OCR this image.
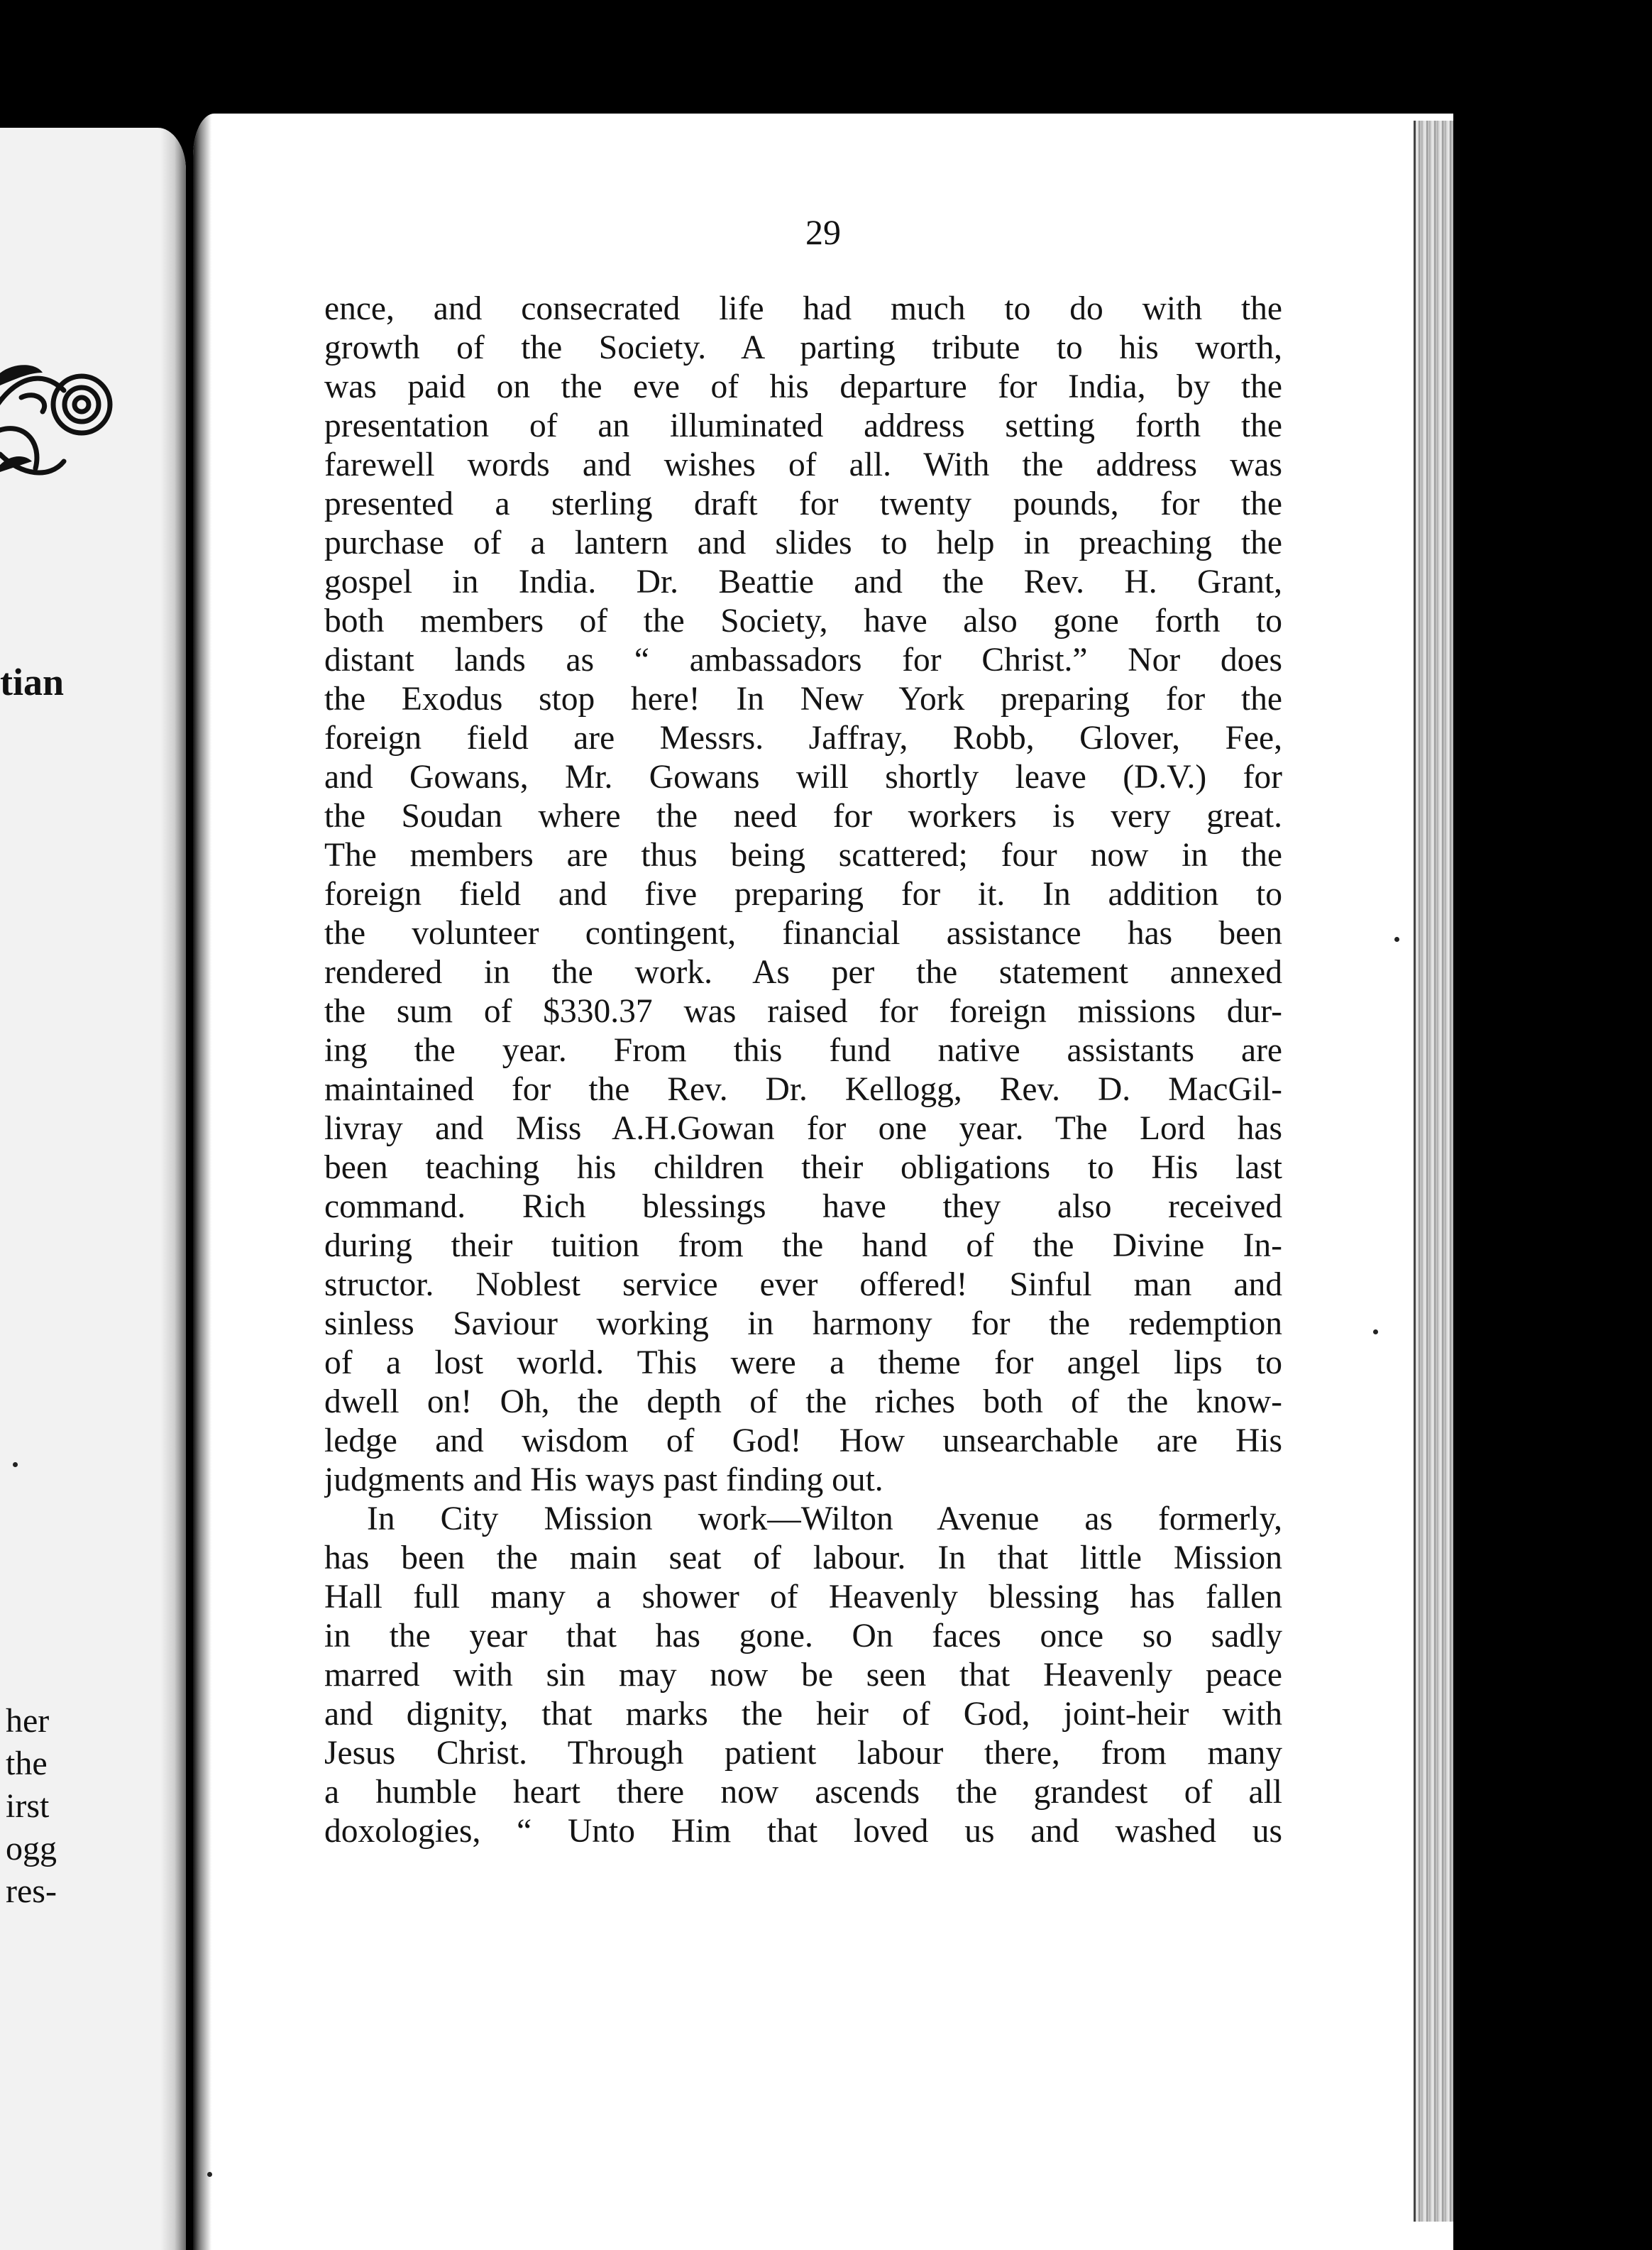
tian
her
the
irst
ogg
res-
29
ence, and consecrated life had much to do with the
growth of the Society. A parting tribute to his worth,
was paid on the eve of his departure for India, by the
presentation of an illuminated address setting forth the
farewell words and wishes of all. With the address was
presented a sterling draft for twenty pounds, for the
purchase of a lantern and slides to help in preaching the
gospel in India. Dr. Beattie and the Rev. H. Grant,
both members of the Society, have also gone forth to
distant lands as “ ambassadors for Christ.” Nor does
the Exodus stop here! In New York preparing for the
foreign field are Messrs. Jaffray, Robb, Glover, Fee,
and Gowans, Mr. Gowans will shortly leave (D.V.) for
the Soudan where the need for workers is very great.
The members are thus being scattered; four now in the
foreign field and five preparing for it. In addition to
the volunteer contingent, financial assistance has been
rendered in the work. As per the statement annexed
the sum of $330.37 was raised for foreign missions dur-
ing the year. From this fund native assistants are
maintained for the Rev. Dr. Kellogg, Rev. D. MacGil-
livray and Miss A.H.Gowan for one year. The Lord has
been teaching his children their obligations to His last
command. Rich blessings have they also received
during their tuition from the hand of the Divine In-
structor. Noblest service ever offered! Sinful man and
sinless Saviour working in harmony for the redemption
of a lost world. This were a theme for angel lips to
dwell on! Oh, the depth of the riches both of the know-
ledge and wisdom of God! How unsearchable are His
judgments and His ways past finding out.
In City Mission work—Wilton Avenue as formerly,
has been the main seat of labour. In that little Mission
Hall full many a shower of Heavenly blessing has fallen
in the year that has gone. On faces once so sadly
marred with sin may now be seen that Heavenly peace
and dignity, that marks the heir of God, joint-heir with
Jesus Christ. Through patient labour there, from many
a humble heart there now ascends the grandest of all
doxologies, “ Unto Him that loved us and washed us
